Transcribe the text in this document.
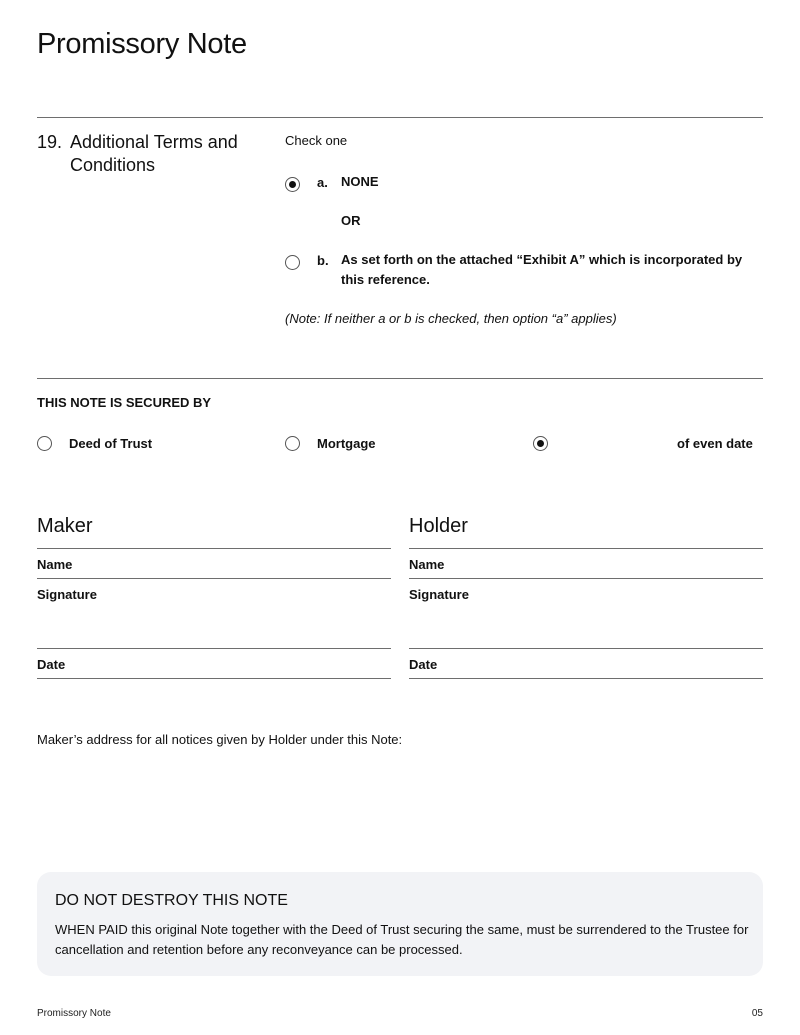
Promissory Note
19. Additional Terms and Conditions
Check one
a. NONE
OR
b. As set forth on the attached “Exhibit A” which is incorporated by this reference.
(Note: If neither a or b is checked, then option “a” applies)
THIS NOTE IS SECURED BY
Deed of Trust	Mortgage	of even date
Maker
Name
Signature
Date
Holder
Name
Signature
Date
Maker’s address for all notices given by Holder under this Note:
DO NOT DESTROY THIS NOTE
WHEN PAID this original Note together with the Deed of Trust securing the same, must be surrendered to the Trustee for cancellation and retention before any reconveyance can be processed.
Promissory Note	05
